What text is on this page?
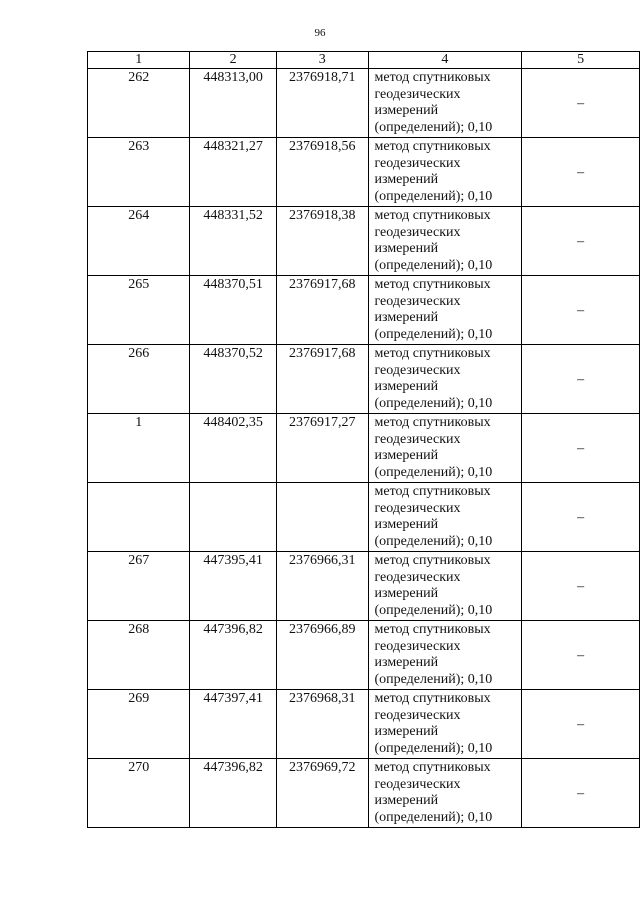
96
1	2	3	4	5
262	448313,00	2376918,71	метод спутниковых геодезических измерений (определений); 0,10	–
263	448321,27	2376918,56	метод спутниковых геодезических измерений (определений); 0,10	–
264	448331,52	2376918,38	метод спутниковых геодезических измерений (определений); 0,10	–
265	448370,51	2376917,68	метод спутниковых геодезических измерений (определений); 0,10	–
266	448370,52	2376917,68	метод спутниковых геодезических измерений (определений); 0,10	–
1	448402,35	2376917,27	метод спутниковых геодезических измерений (определений); 0,10	–
			метод спутниковых геодезических измерений (определений); 0,10	–
267	447395,41	2376966,31	метод спутниковых геодезических измерений (определений); 0,10	–
268	447396,82	2376966,89	метод спутниковых геодезических измерений (определений); 0,10	–
269	447397,41	2376968,31	метод спутниковых геодезических измерений (определений); 0,10	–
270	447396,82	2376969,72	метод спутниковых геодезических измерений (определений); 0,10	–
